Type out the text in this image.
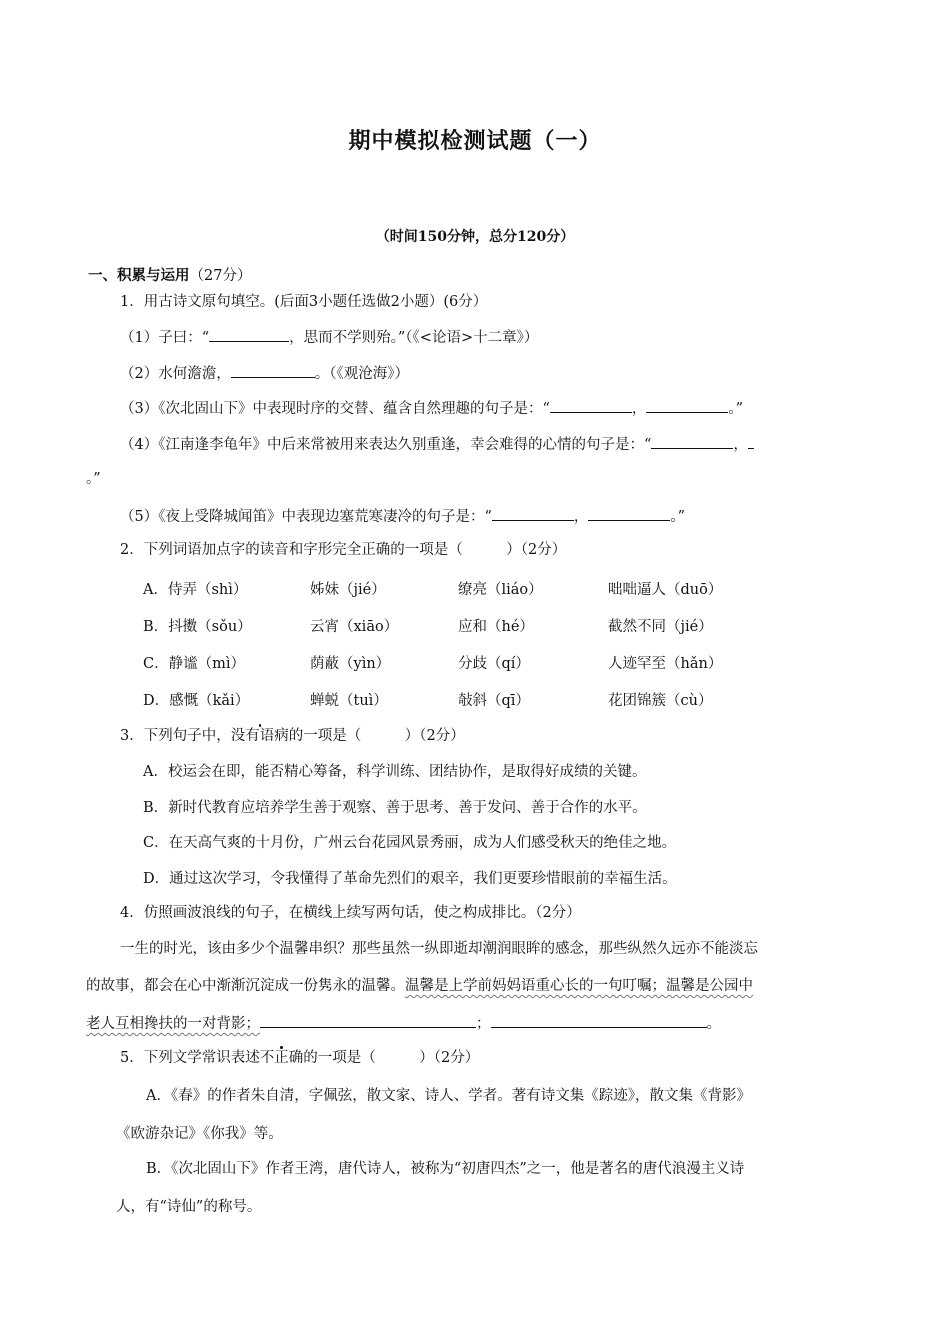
期中模拟检测试题（一）
（时间150分钟，总分120分）
一、积累与运用（27分）
1．用古诗文原句填空。(后面3小题任选做2小题）(6分）
（1）子曰：“	，思而不学则殆。”（《<论语>十二章》）
（2）水何澹澹，	。（《观沧海》）
（3）《次北固山下》中表现时序的交替、蕴含自然理趣的句子是：“	，	。”
（4）《江南逢李龟年》中后来常被用来表达久别重逢，幸会难得的心情的句子是：“	，
。”
（5）《夜上受降城闻笛》中表现边塞荒寒凄冷的句子是：“	，	。”
2．下列词语加点字的读音和字形完全正确的一项是（　　　）（2分）
A．侍弄（shì）	姊妹（jié）	缭亮（liáo）	咄咄逼人（duō）
B．抖擞（sǒu）	云宵（xiāo）	应和（hé）	截然不同（jié）
C．静谧（mì）	荫蔽（yìn）	分歧（qí）	人迹罕至（hǎn）
D．感慨（kǎi）	蝉蜕（tuì）	敧斜（qī）	花团锦簇（cù）
3．下列句子中，没有语病的一项是（　　　）（2分）
A．校运会在即，能否精心筹备，科学训练、团结协作，是取得好成绩的关键。
B．新时代教育应培养学生善于观察、善于思考、善于发问、善于合作的水平。
C．在天高气爽的十月份，广州云台花园风景秀丽，成为人们感受秋天的绝佳之地。
D．通过这次学习，令我懂得了革命先烈们的艰辛，我们更要珍惜眼前的幸福生活。
4．仿照画波浪线的句子，在横线上续写两句话，使之构成排比。（2分）
一生的时光，该由多少个温馨串织？那些虽然一纵即逝却潮润眼眸的感念，那些纵然久远亦不能淡忘
的故事，都会在心中渐渐沉淀成一份隽永的温馨。温馨是上学前妈妈语重心长的一句叮嘱；温馨是公园中
老人互相搀扶的一对背影；	；	。
5．下列文学常识表述不正确的一项是（　　　）（2分）
A．《春》的作者朱自清，字佩弦，散文家、诗人、学者。著有诗文集《踪迹》，散文集《背影》
《欧游杂记》《你我》等。
B．《次北固山下》作者王湾，唐代诗人，被称为“初唐四杰”之一，他是著名的唐代浪漫主义诗
人，有“诗仙”的称号。
